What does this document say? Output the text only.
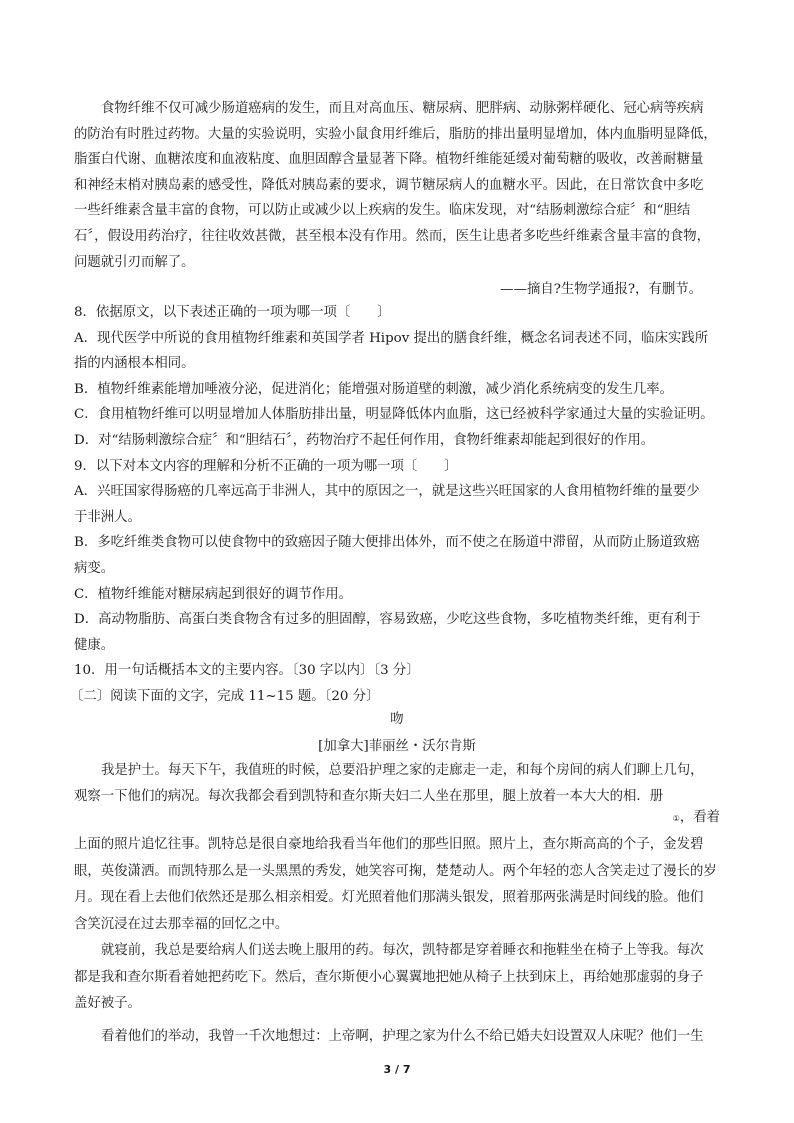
食物纤维不仅可减少肠道癌病的发生，而且对高血压、糖尿病、肥胖病、动脉粥样硬化、冠心病等疾病
的防治有时胜过药物。大量的实验说明，实验小鼠食用纤维后，脂肪的排出量明显增加，体内血脂明显降低，
脂蛋白代谢、血糖浓度和血液粘度、血胆固醇含量显著下降。植物纤维能延缓对葡萄糖的吸收，改善耐糖量
和神经末梢对胰岛素的感受性，降低对胰岛素的要求，调节糖尿病人的血糖水平。因此，在日常饮食中多吃
一些纤维素含量丰富的食物，可以防止或减少以上疾病的发生。临床发现，对“结肠刺激综合症〞和“胆结
石〞，假设用药治疗，往往收效甚微，甚至根本没有作用。然而，医生让患者多吃些纤维素含量丰富的食物，
问题就引刃而解了。
——摘自?生物学通报?，有删节。
8．依据原文，以下表述正确的一项为哪一项〔　　〕
A．现代医学中所说的食用植物纤维素和英国学者 Hipov 提出的膳食纤维，概念名词表述不同，临床实践所
指的内涵根本相同。
B．植物纤维素能增加唾液分泌，促进消化；能增强对肠道壁的刺激，减少消化系统病变的发生几率。
C．食用植物纤维可以明显增加人体脂肪排出量，明显降低体内血脂，这已经被科学家通过大量的实验证明。
D．对“结肠刺激综合症〞和“胆结石〞，药物治疗不起任何作用，食物纤维素却能起到很好的作用。
9．以下对本文内容的理解和分析不正确的一项为哪一项〔　　〕
A．兴旺国家得肠癌的几率远高于非洲人，其中的原因之一，就是这些兴旺国家的人食用植物纤维的量要少
于非洲人。
B．多吃纤维类食物可以使食物中的致癌因子随大便排出体外，而不使之在肠道中滞留，从而防止肠道致癌
病变。
C．植物纤维能对糖尿病起到很好的调节作用。
D．高动物脂肪、高蛋白类食物含有过多的胆固醇，容易致癌，少吃这些食物，多吃植物类纤维，更有利于
健康。
10．用一句话概括本文的主要内容。〔30 字以内〕〔3 分〕
〔二〕阅读下面的文字，完成 11~15 题。〔20 分〕
吻
[加拿大]菲丽丝・沃尔肯斯
我是护士。每天下午，我值班的时候，总要沿护理之家的走廊走一走，和每个房间的病人们聊上几句，
观察一下他们的病况。每次我都会看到凯特和查尔斯夫妇二人坐在那里，腿上放着一本大大的相．册
①，看着
上面的照片追忆往事。凯特总是很自豪地给我看当年他们的那些旧照。照片上，查尔斯高高的个子，金发碧
眼，英俊潇洒。而凯特那么是一头黑黑的秀发，她笑容可掬，楚楚动人。两个年轻的恋人含笑走过了漫长的岁
月。现在看上去他们依然还是那么相亲相爱。灯光照着他们那满头银发，照着那两张满是时间线的脸。他们
含笑沉浸在过去那幸福的回忆之中。
就寝前，我总是要给病人们送去晚上服用的药。每次，凯特都是穿着睡衣和拖鞋坐在椅子上等我。每次
都是我和查尔斯看着她把药吃下。然后，查尔斯便小心翼翼地把她从椅子上扶到床上，再给她那虚弱的身子
盖好被子。
看着他们的举动，我曾一千次地想过：上帝啊，护理之家为什么不给已婚夫妇设置双人床呢？他们一生
3 / 7
